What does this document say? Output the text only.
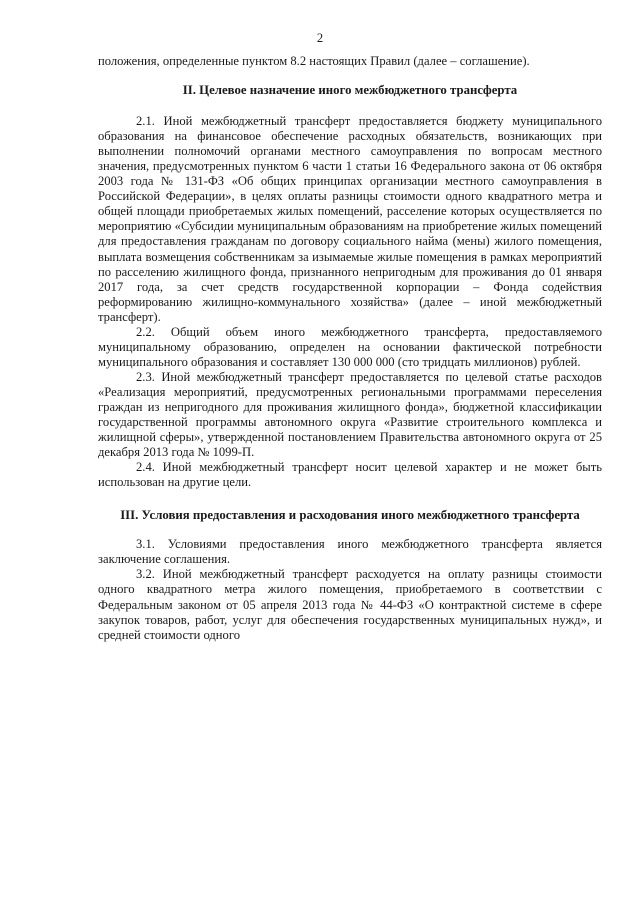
2

положения, определенные пунктом 8.2 настоящих Правил (далее – соглашение).

II. Целевое назначение иного межбюджетного трансферта

2.1. Иной межбюджетный трансферт предоставляется бюджету муниципального образования на финансовое обеспечение расходных обязательств, возникающих при выполнении полномочий органами местного самоуправления по вопросам местного значения, предусмотренных пунктом 6 части 1 статьи 16 Федерального закона от 06 октября 2003 года № 131-ФЗ «Об общих принципах организации местного самоуправления в Российской Федерации», в целях оплаты разницы стоимости одного квадратного метра и общей площади приобретаемых жилых помещений, расселение которых осуществляется по мероприятию «Субсидии муниципальным образованиям на приобретение жилых помещений для предоставления гражданам по договору социального найма (мены) жилого помещения, выплата возмещения собственникам за изымаемые жилые помещения в рамках мероприятий по расселению жилищного фонда, признанного непригодным для проживания до 01 января 2017 года, за счет средств государственной корпорации – Фонда содействия реформированию жилищно-коммунального хозяйства» (далее – иной межбюджетный трансферт).

2.2. Общий объем иного межбюджетного трансферта, предоставляемого муниципальному образованию, определен на основании фактической потребности муниципального образования и составляет 130 000 000 (сто тридцать миллионов) рублей.

2.3. Иной межбюджетный трансферт предоставляется по целевой статье расходов «Реализация мероприятий, предусмотренных региональными программами переселения граждан из непригодного для проживания жилищного фонда», бюджетной классификации государственной программы автономного округа «Развитие строительного комплекса и жилищной сферы», утвержденной постановлением Правительства автономного округа от 25 декабря 2013 года № 1099-П.

2.4. Иной межбюджетный трансферт носит целевой характер и не может быть использован на другие цели.

III. Условия предоставления и расходования иного межбюджетного трансферта

3.1. Условиями предоставления иного межбюджетного трансферта является заключение соглашения.

3.2. Иной межбюджетный трансферт расходуется на оплату разницы стоимости одного квадратного метра жилого помещения, приобретаемого в соответствии с Федеральным законом от 05 апреля 2013 года № 44-ФЗ «О контрактной системе в сфере закупок товаров, работ, услуг для обеспечения государственных муниципальных нужд», и средней стоимости одного
